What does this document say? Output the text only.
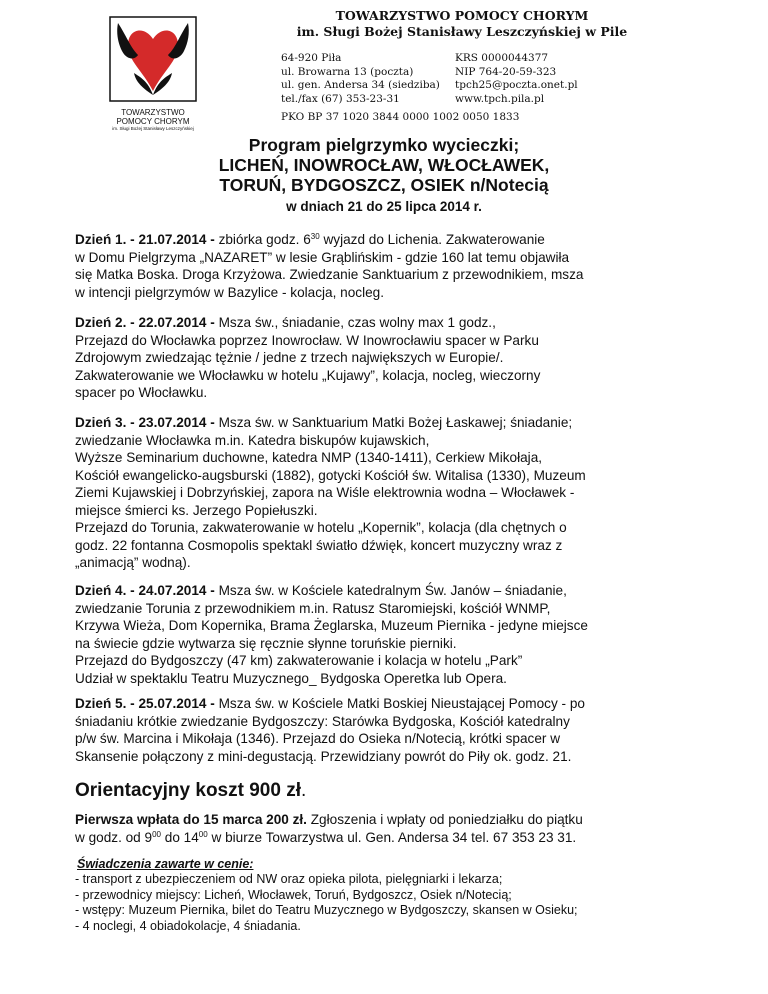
TOWARZYSTWO
POMOCY CHORYM
im. Sługi Bożej Stanisławy Leszczyńskiej
TOWARZYSTWO POMOCY CHORYM
im. Sługi Bożej Stanisławy Leszczyńskiej w Pile
64-920 Piła
ul. Browarna 13 (poczta)
ul. gen. Andersa 34 (siedziba)
tel./fax (67) 353-23-31
KRS 0000044377
NIP 764-20-59-323
tpch25@poczta.onet.pl
www.tpch.pila.pl
PKO BP 37 1020 3844 0000 1002 0050 1833
Program pielgrzymko wycieczki;
LICHEŃ, INOWROCŁAW, WŁOCŁAWEK,
TORUŃ, BYDGOSZCZ, OSIEK n/Notecią
w dniach 21 do 25 lipca 2014 r.
Dzień 1. - 21.07.2014 - zbiórka godz. $6^{30}$ wyjazd do Lichenia. Zakwaterowanie
w Domu Pielgrzyma „NAZARET” w lesie Grąblińskim - gdzie 160 lat temu objawiła
się Matka Boska. Droga Krzyżowa. Zwiedzanie Sanktuarium z przewodnikiem, msza
w intencji pielgrzymów w Bazylice - kolacja, nocleg.
Dzień 2. - 22.07.2014 - Msza św., śniadanie, czas wolny max 1 godz.,
Przejazd do Włocławka poprzez Inowrocław. W Inowrocławiu spacer w Parku
Zdrojowym zwiedzając tężnie / jedne z trzech największych w Europie/.
Zakwaterowanie we Włocławku w hotelu „Kujawy”, kolacja, nocleg, wieczorny
spacer po Włocławku.
Dzień 3. - 23.07.2014 - Msza św. w Sanktuarium Matki Bożej Łaskawej; śniadanie;
zwiedzanie Włocławka m.in. Katedra biskupów kujawskich,
Wyższe Seminarium duchowne, katedra NMP (1340-1411), Cerkiew Mikołaja,
Kościół ewangelicko-augsburski (1882), gotycki Kościół św. Witalisa (1330), Muzeum
Ziemi Kujawskiej i Dobrzyńskiej, zapora na Wiśle elektrownia wodna – Włocławek -
miejsce śmierci ks. Jerzego Popiełuszki.
Przejazd do Torunia, zakwaterowanie w hotelu „Kopernik”, kolacja (dla chętnych o
godz. 22 fontanna Cosmopolis spektakl światło dźwięk, koncert muzyczny wraz z
„animacją” wodną).
Dzień 4. - 24.07.2014 - Msza św. w Kościele katedralnym Św. Janów – śniadanie,
zwiedzanie Torunia z przewodnikiem m.in. Ratusz Staromiejski, kościół WNMP,
Krzywa Wieża, Dom Kopernika, Brama Żeglarska, Muzeum Piernika - jedyne miejsce
na świecie gdzie wytwarza się ręcznie słynne toruńskie pierniki.
Przejazd do Bydgoszczy (47 km) zakwaterowanie i kolacja w hotelu „Park”
Udział w spektaklu Teatru Muzycznego_ Bydgoska Operetka lub Opera.
Dzień 5. - 25.07.2014 - Msza św. w Kościele Matki Boskiej Nieustającej Pomocy - po
śniadaniu krótkie zwiedzanie Bydgoszczy: Starówka Bydgoska, Kościół katedralny
p/w św. Marcina i Mikołaja (1346). Przejazd do Osieka n/Notecią, krótki spacer w
Skansenie połączony z mini-degustacją. Przewidziany powrót do Piły ok. godz. 21.
Orientacyjny koszt 900 zł.
Pierwsza wpłata do 15 marca 200 zł. Zgłoszenia i wpłaty od poniedziałku do piątku
w godz. od $9^{00}$ do $14^{00}$ w biurze Towarzystwa ul. Gen. Andersa 34 tel. 67 353 23 31.
Świadczenia zawarte w cenie:
- transport z ubezpieczeniem od NW oraz opieka pilota, pielęgniarki i lekarza;
- przewodnicy miejscy: Licheń, Włocławek, Toruń, Bydgoszcz, Osiek n/Notecią;
- wstępy: Muzeum Piernika, bilet do Teatru Muzycznego w Bydgoszczy, skansen w Osieku;
- 4 noclegi, 4 obiadokolacje, 4 śniadania.
